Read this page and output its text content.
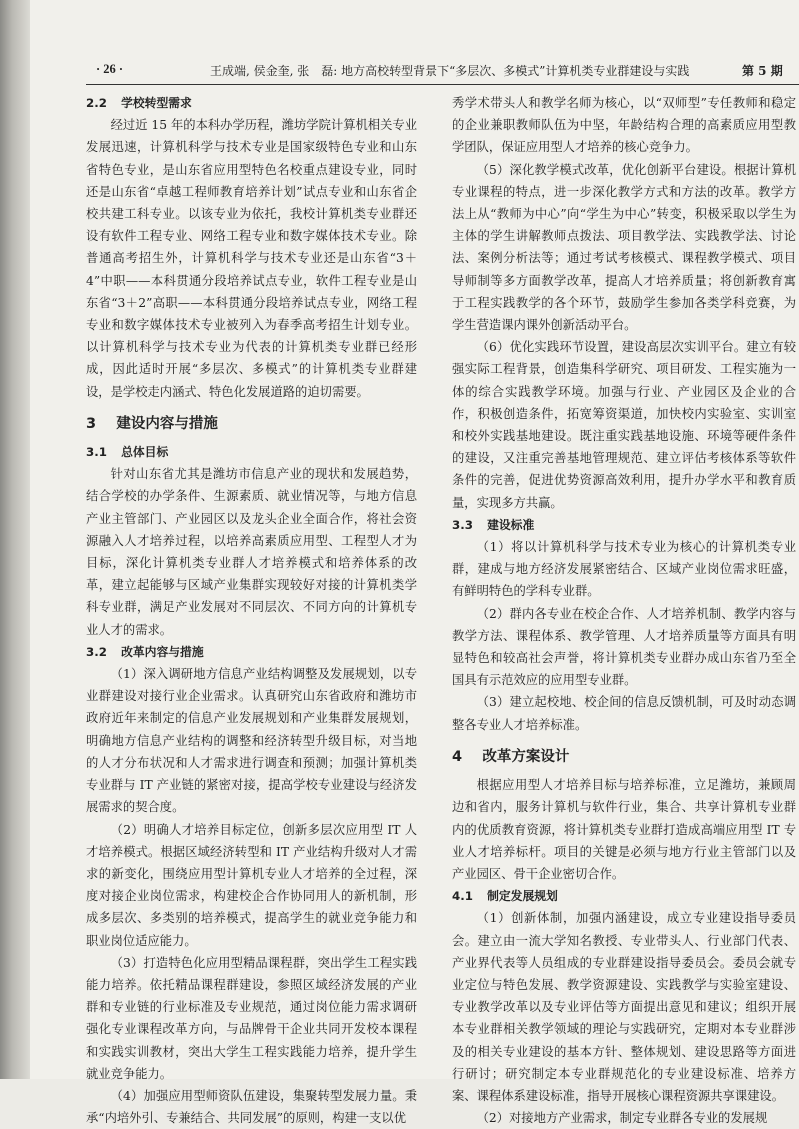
· 26 ·	王成端, 侯金奎, 张　磊: 地方高校转型背景下“多层次、多模式”计算机类专业群建设与实践	第 5 期
2.2 学校转型需求

经过近 15 年的本科办学历程，潍坊学院计算机相关专业发展迅速，计算机科学与技术专业是国家级特色专业和山东省特色专业，是山东省应用型特色名校重点建设专业，同时还是山东省“卓越工程师教育培养计划”试点专业和山东省企校共建工科专业。以该专业为依托，我校计算机类专业群还设有软件工程专业、网络工程专业和数字媒体技术专业。除普通高考招生外，计算机科学与技术专业还是山东省“3＋4”中职——本科贯通分段培养试点专业，软件工程专业是山东省“3＋2”高职——本科贯通分段培养试点专业，网络工程专业和数字媒体技术专业被列入为春季高考招生计划专业。以计算机科学与技术专业为代表的计算机类专业群已经形成，因此适时开展“多层次、多模式”的计算机类专业群建设，是学校走内涵式、特色化发展道路的迫切需要。

3 建设内容与措施
3.1 总体目标

针对山东省尤其是潍坊市信息产业的现状和发展趋势，结合学校的办学条件、生源素质、就业情况等，与地方信息产业主管部门、产业园区以及龙头企业全面合作，将社会资源融入人才培养过程，以培养高素质应用型、工程型人才为目标，深化计算机类专业群人才培养模式和培养体系的改革，建立起能够与区域产业集群实现较好对接的计算机类学科专业群，满足产业发展对不同层次、不同方向的计算机专业人才的需求。

3.2 改革内容与措施

（1）深入调研地方信息产业结构调整及发展规划，以专业群建设对接行业企业需求。认真研究山东省政府和潍坊市政府近年来制定的信息产业发展规划和产业集群发展规划，明确地方信息产业结构的调整和经济转型升级目标，对当地的人才分布状况和人才需求进行调查和预测；加强计算机类专业群与 IT 产业链的紧密对接，提高学校专业建设与经济发展需求的契合度。

（2）明确人才培养目标定位，创新多层次应用型 IT 人才培养模式。根据区域经济转型和 IT 产业结构升级对人才需求的新变化，围绕应用型计算机专业人才培养的全过程，深度对接企业岗位需求，构建校企合作协同用人的新机制，形成多层次、多类别的培养模式，提高学生的就业竞争能力和职业岗位适应能力。

（3）打造特色化应用型精品课程群，突出学生工程实践能力培养。依托精品课程群建设，参照区域经济发展的产业群和专业链的行业标准及专业规范，通过岗位能力需求调研强化专业课程改革方向，与品牌骨干企业共同开发校本课程和实践实训教材，突出大学生工程实践能力培养，提升学生就业竞争能力。

（4）加强应用型师资队伍建设，集聚转型发展力量。秉承“内培外引、专兼结合、共同发展”的原则，构建一支以优

秀学术带头人和教学名师为核心，以“双师型”专任教师和稳定的企业兼职教师队伍为中坚，年龄结构合理的高素质应用型教学团队，保证应用型人才培养的核心竞争力。

（5）深化教学模式改革，优化创新平台建设。根据计算机专业课程的特点，进一步深化教学方式和方法的改革。教学方法上从“教师为中心”向“学生为中心”转变，积极采取以学生为主体的学生讲解教师点拨法、项目教学法、实践教学法、讨论法、案例分析法等；通过考试考核模式、课程教学模式、项目导师制等多方面教学改革，提高人才培养质量；将创新教育寓于工程实践教学的各个环节，鼓励学生参加各类学科竞赛，为学生营造课内课外创新活动平台。

（6）优化实践环节设置，建设高层次实训平台。建立有较强实际工程背景，创造集科学研究、项目研发、工程实施为一体的综合实践教学环境。加强与行业、产业园区及企业的合作，积极创造条件，拓宽筹资渠道，加快校内实验室、实训室和校外实践基地建设。既注重实践基地设施、环境等硬件条件的建设，又注重完善基地管理规范、建立评估考核体系等软件条件的完善，促进优势资源高效利用，提升办学水平和教育质量，实现多方共赢。

3.3 建设标准

（1）将以计算机科学与技术专业为核心的计算机类专业群，建成与地方经济发展紧密结合、区域产业岗位需求旺盛，有鲜明特色的学科专业群。

（2）群内各专业在校企合作、人才培养机制、教学内容与教学方法、课程体系、教学管理、人才培养质量等方面具有明显特色和较高社会声誉，将计算机类专业群办成山东省乃至全国具有示范效应的应用型专业群。

（3）建立起校地、校企间的信息反馈机制，可及时动态调整各专业人才培养标准。

4 改革方案设计

根据应用型人才培养目标与培养标准，立足潍坊，兼顾周边和省内，服务计算机与软件行业，集合、共享计算机专业群内的优质教育资源，将计算机类专业群打造成高端应用型 IT 专业人才培养标杆。项目的关键是必须与地方行业主管部门以及产业园区、骨干企业密切合作。

4.1 制定发展规划

（1）创新体制，加强内涵建设，成立专业建设指导委员会。建立由一流大学知名教授、专业带头人、行业部门代表、产业界代表等人员组成的专业群建设指导委员会。委员会就专业定位与特色发展、教学资源建设、实践教学与实验室建设、专业教学改革以及专业评估等方面提出意见和建议；组织开展本专业群相关教学领域的理论与实践研究，定期对本专业群涉及的相关专业建设的基本方针、整体规划、建设思路等方面进行研讨；研究制定本专业群规范化的专业建设标准、培养方案、课程体系建设标准，指导开展核心课程资源共享课建设。

（2）对接地方产业需求，制定专业群各专业的发展规
